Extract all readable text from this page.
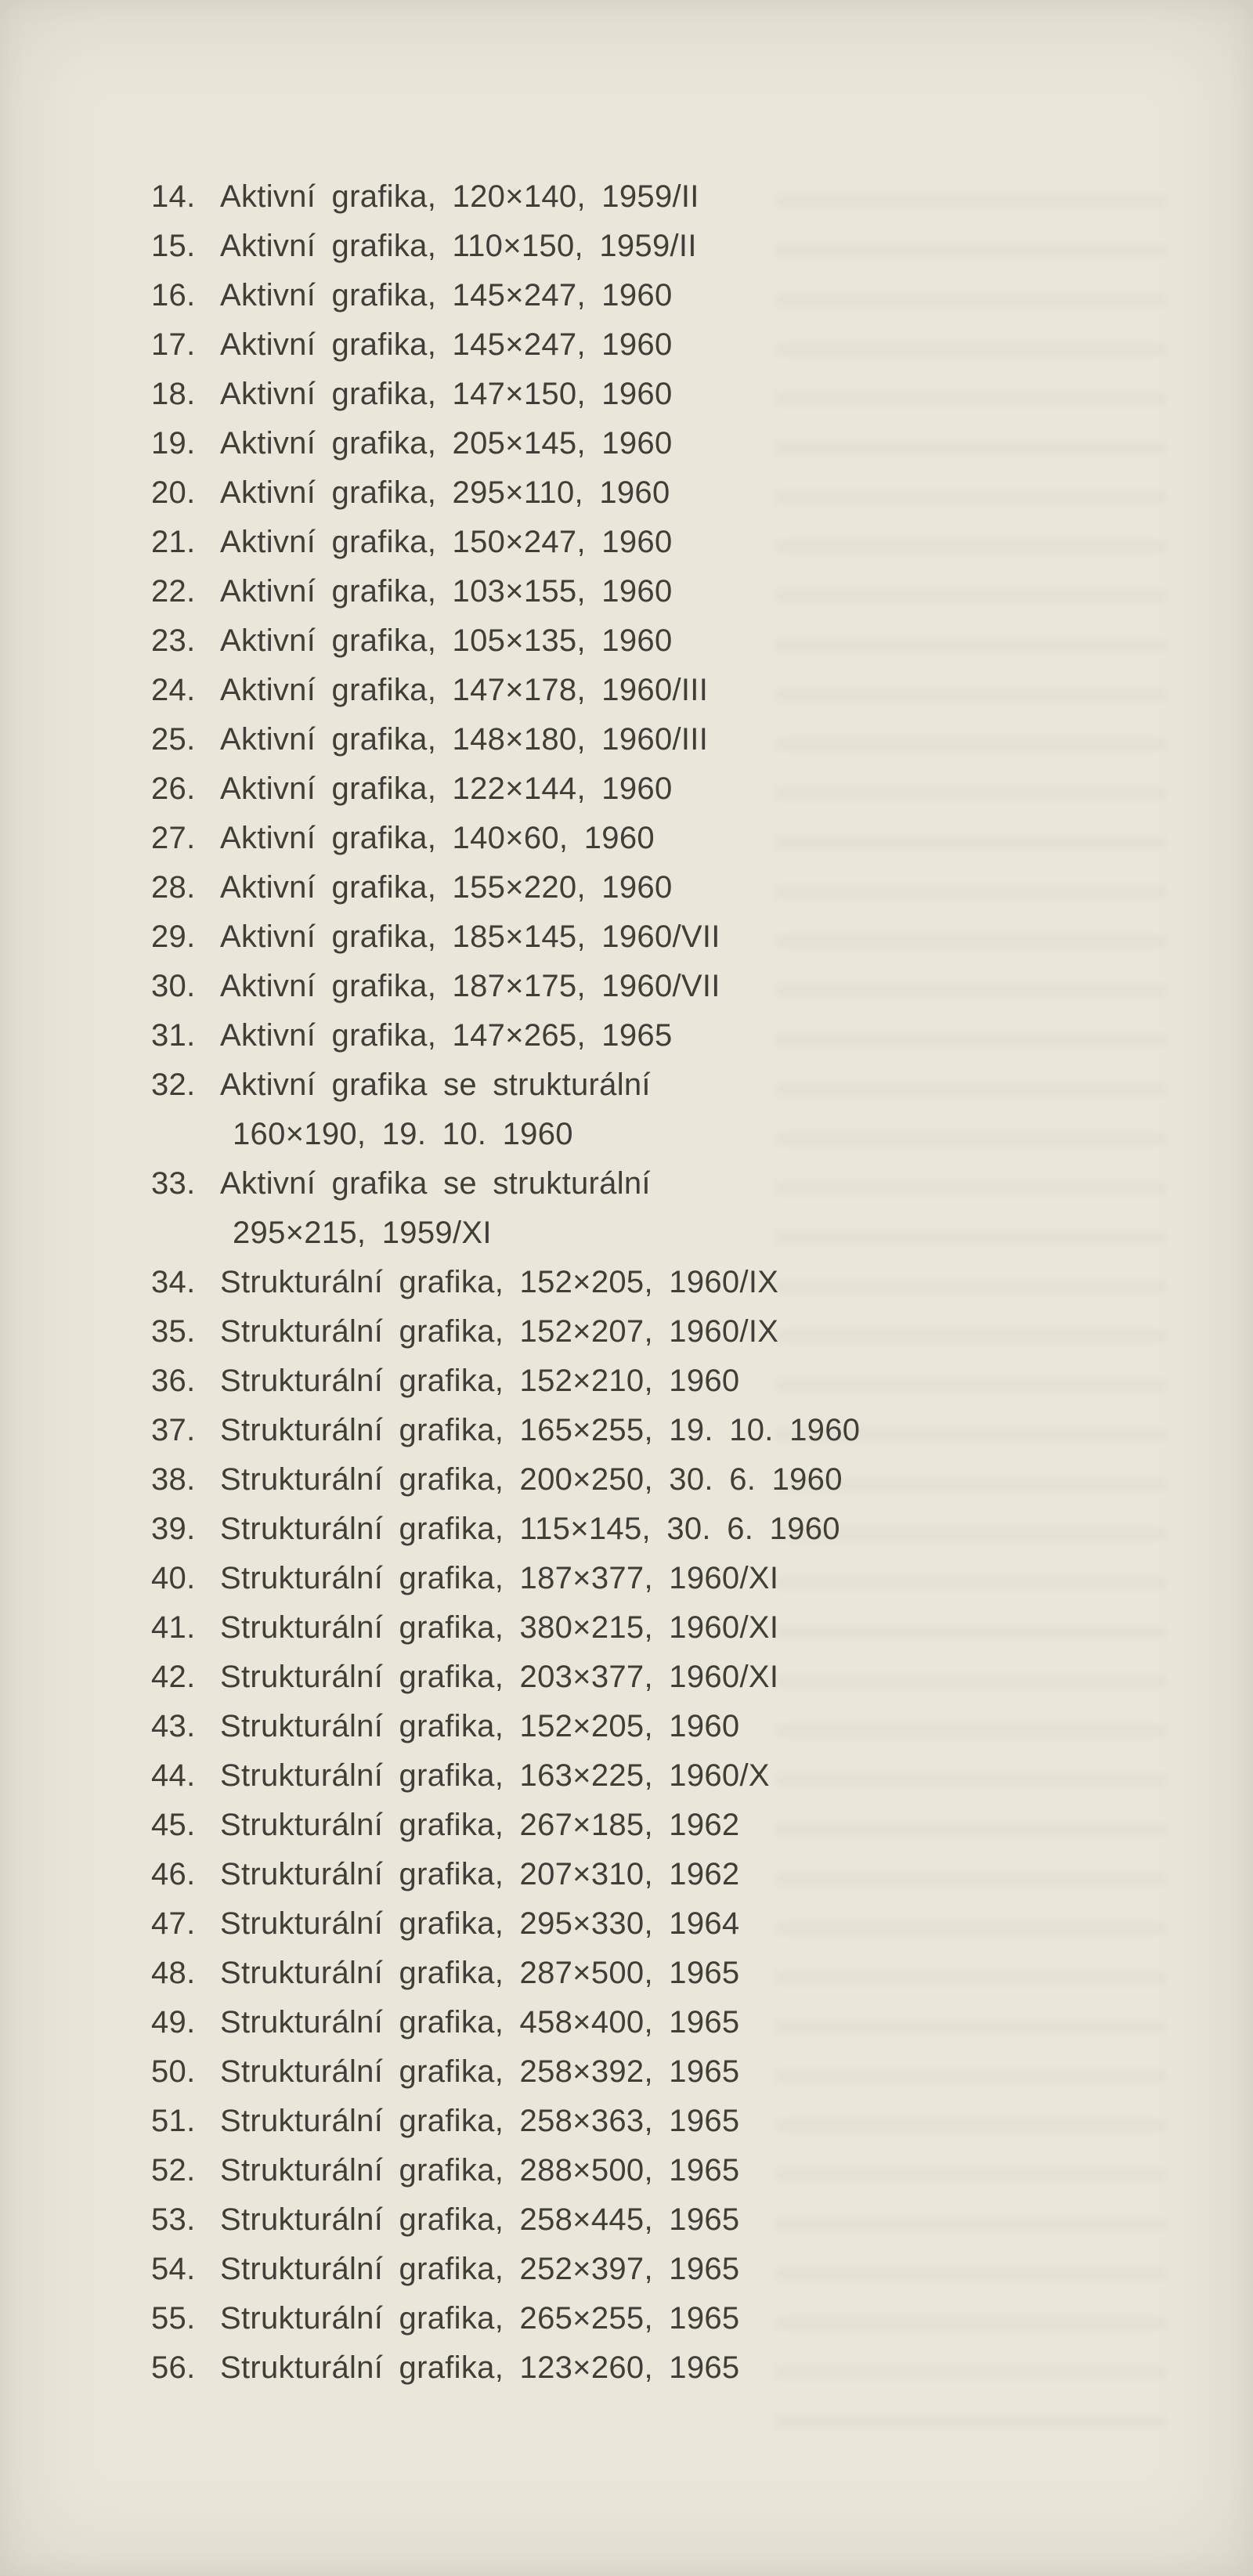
14. Aktivní grafika, 120×140, 1959/II
15. Aktivní grafika, 110×150, 1959/II
16. Aktivní grafika, 145×247, 1960
17. Aktivní grafika, 145×247, 1960
18. Aktivní grafika, 147×150, 1960
19. Aktivní grafika, 205×145, 1960
20. Aktivní grafika, 295×110, 1960
21. Aktivní grafika, 150×247, 1960
22. Aktivní grafika, 103×155, 1960
23. Aktivní grafika, 105×135, 1960
24. Aktivní grafika, 147×178, 1960/III
25. Aktivní grafika, 148×180, 1960/III
26. Aktivní grafika, 122×144, 1960
27. Aktivní grafika, 140×60, 1960
28. Aktivní grafika, 155×220, 1960
29. Aktivní grafika, 185×145, 1960/VII
30. Aktivní grafika, 187×175, 1960/VII
31. Aktivní grafika, 147×265, 1965
32. Aktivní grafika se strukturální
160×190, 19. 10. 1960
33. Aktivní grafika se strukturální
295×215, 1959/XI
34. Strukturální grafika, 152×205, 1960/IX
35. Strukturální grafika, 152×207, 1960/IX
36. Strukturální grafika, 152×210, 1960
37. Strukturální grafika, 165×255, 19. 10. 1960
38. Strukturální grafika, 200×250, 30. 6. 1960
39. Strukturální grafika, 115×145, 30. 6. 1960
40. Strukturální grafika, 187×377, 1960/XI
41. Strukturální grafika, 380×215, 1960/XI
42. Strukturální grafika, 203×377, 1960/XI
43. Strukturální grafika, 152×205, 1960
44. Strukturální grafika, 163×225, 1960/X
45. Strukturální grafika, 267×185, 1962
46. Strukturální grafika, 207×310, 1962
47. Strukturální grafika, 295×330, 1964
48. Strukturální grafika, 287×500, 1965
49. Strukturální grafika, 458×400, 1965
50. Strukturální grafika, 258×392, 1965
51. Strukturální grafika, 258×363, 1965
52. Strukturální grafika, 288×500, 1965
53. Strukturální grafika, 258×445, 1965
54. Strukturální grafika, 252×397, 1965
55. Strukturální grafika, 265×255, 1965
56. Strukturální grafika, 123×260, 1965
